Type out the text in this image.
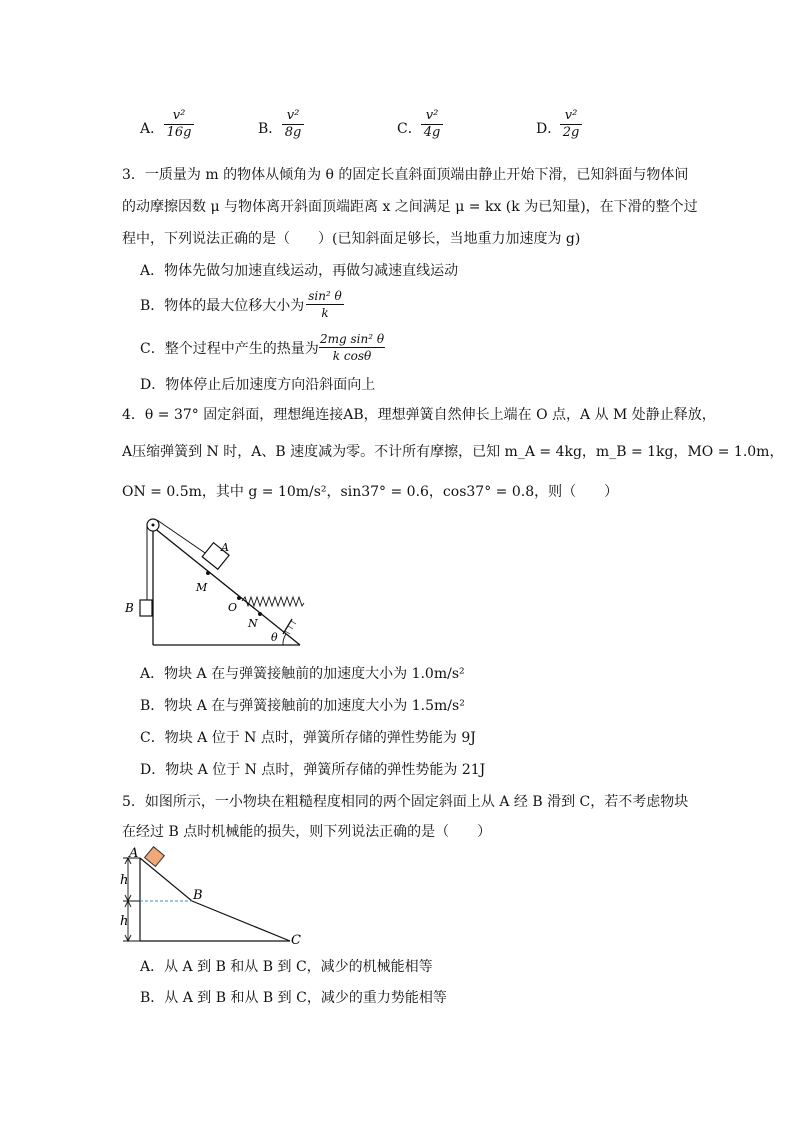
A．
v²
16g	B．
v²
8g	C．
v²
4g	D．
v²
2g
3．一质量为 m 的物体从倾角为 θ 的固定长直斜面顶端由静止开始下滑，已知斜面与物体间
的动摩擦因数 μ 与物体离开斜面顶端距离 x 之间满足 μ = kx (k 为已知量)，在下滑的整个过
程中，下列说法正确的是（　　）(已知斜面足够长，当地重力加速度为 g)
A．物体先做匀加速直线运动，再做匀减速直线运动
B．物体的最大位移大小为
sin² θ
k
C．整个过程中产生的热量为
2mg sin² θ
k cosθ
D．物体停止后加速度方向沿斜面向上
4．θ = 37° 固定斜面，理想绳连接AB，理想弹簧自然伸长上端在 O 点，A 从 M 处静止释放，
A压缩弹簧到 N 时，A、B 速度减为零。不计所有摩擦，已知 m_A = 4kg，m_B = 1kg，MO = 1.0m，
ON = 0.5m，其中 g = 10m/s²，sin37° = 0.6，cos37° = 0.8，则（　　）
B
A
M
O
N
θ
A．物块 A 在与弹簧接触前的加速度大小为 1.0m/s²
B．物块 A 在与弹簧接触前的加速度大小为 1.5m/s²
C．物块 A 位于 N 点时，弹簧所存储的弹性势能为 9J
D．物块 A 位于 N 点时，弹簧所存储的弹性势能为 21J
5．如图所示，一小物块在粗糙程度相同的两个固定斜面上从 A 经 B 滑到 C，若不考虑物块
在经过 B 点时机械能的损失，则下列说法正确的是（　　）
A
B
C
h
h
A．从 A 到 B 和从 B 到 C，减少的机械能相等
B．从 A 到 B 和从 B 到 C，减少的重力势能相等
